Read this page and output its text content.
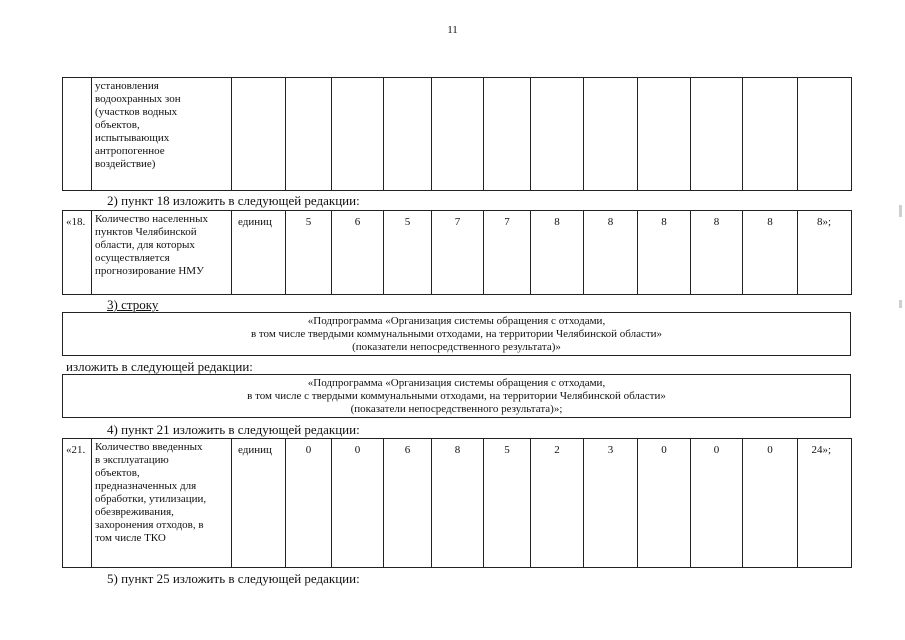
11

установления
водоохранных зон
(участков водных
объектов,
испытывающих
антропогенное
воздействие)

2) пункт 18 изложить в следующей редакции:
«18.	Количество населенных
пунктов Челябинской
области, для которых
осуществляется
прогнозирование НМУ
	единиц	5	6	5	7	7	8	8	8	8	8	8»;
3) строку
«Подпрограмма «Организация системы обращения с отходами,
в том числе твердыми коммунальными отходами, на территории Челябинской области»
(показатели непосредственного результата)»
изложить в следующей редакции:
«Подпрограмма «Организация системы обращения с отходами,
в том числе с твердыми коммунальными отходами, на территории Челябинской области»
(показатели непосредственного результата)»;
4) пункт 21 изложить в следующей редакции:
«21.	Количество введенных
в эксплуатацию
объектов,
предназначенных для
обработки, утилизации,
обезвреживания,
захоронения отходов, в
том числе ТКО
	единиц	0	0	6	8	5	2	3	0	0	0	24»;
5) пункт 25 изложить в следующей редакции:
